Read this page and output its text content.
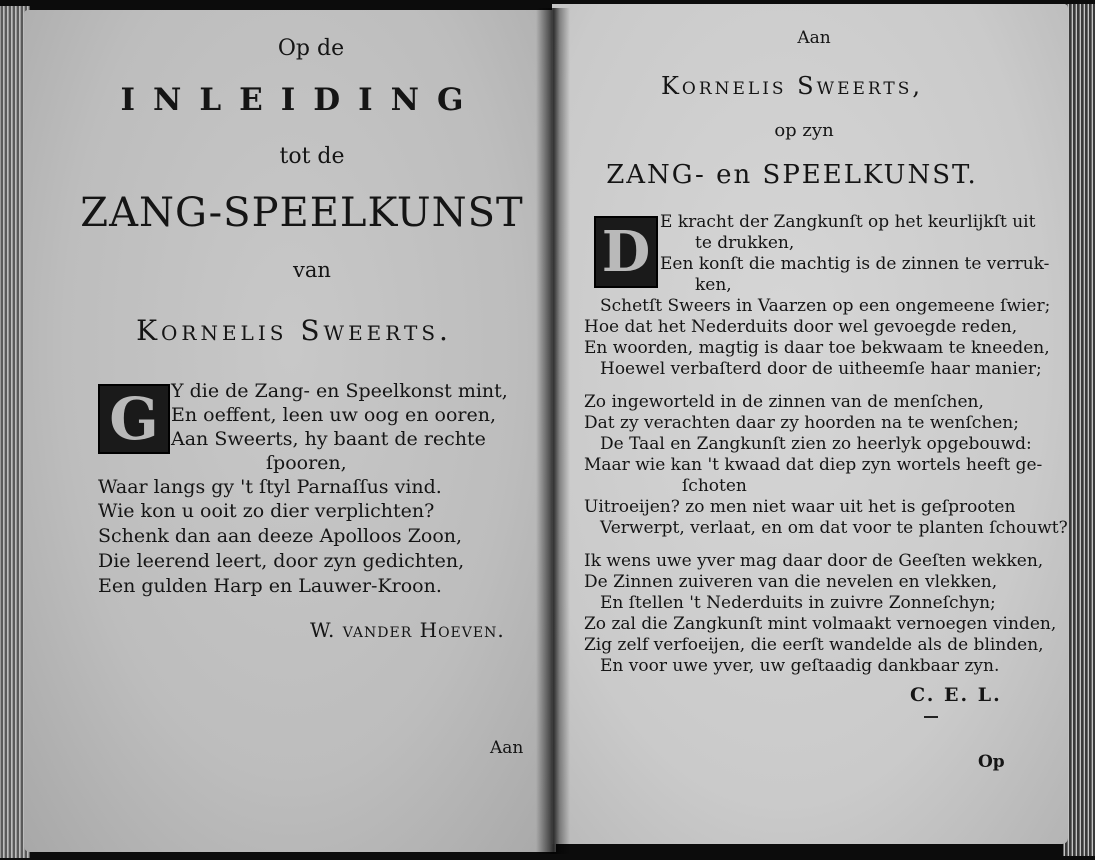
Op de
INLEIDING
tot de
ZANG-SPEELKUNST
van
Kornelis Sweerts.
G Y die de Zang- en Speelkonst mint,
En oeffent, leen uw oog en ooren,
Aan Sweerts, hy baant de rechte
ſpooren,
Waar langs gy 't ſtyl Parnaſſus vind.
Wie kon u ooit zo dier verplichten?
Schenk dan aan deeze Apolloos Zoon,
Die leerend leert, door zyn gedichten,
Een gulden Harp en Lauwer-Kroon.
W. vander Hoeven.
Aan
Aan
Kornelis Sweerts,
op zyn
ZANG- en SPEELKUNST.
D E kracht der Zangkunſt op het keurlijkſt uit
te drukken,
Een konſt die machtig is de zinnen te verruk-
ken,
Schetſt Sweers in Vaarzen op een ongemeene ſwier;
Hoe dat het Nederduits door wel gevoegde reden,
En woorden, magtig is daar toe bekwaam te kneeden,
Hoewel verbaſterd door de uitheemſe haar manier;
Zo ingeworteld in de zinnen van de menſchen,
Dat zy verachten daar zy hoorden na te wenſchen;
De Taal en Zangkunſt zien zo heerlyk opgebouwd:
Maar wie kan 't kwaad dat diep zyn wortels heeft ge-
ſchoten
Uitroeijen? zo men niet waar uit het is geſprooten
Verwerpt, verlaat, en om dat voor te planten ſchouwt?
Ik wens uwe yver mag daar door de Geeſten wekken,
De Zinnen zuiveren van die nevelen en vlekken,
En ſtellen 't Nederduits in zuivre Zonneſchyn;
Zo zal die Zangkunſt mint volmaakt vernoegen vinden,
Zig zelf verfoeijen, die eerſt wandelde als de blinden,
En voor uwe yver, uw geſtaadig dankbaar zyn.
C. E. L.
Op
